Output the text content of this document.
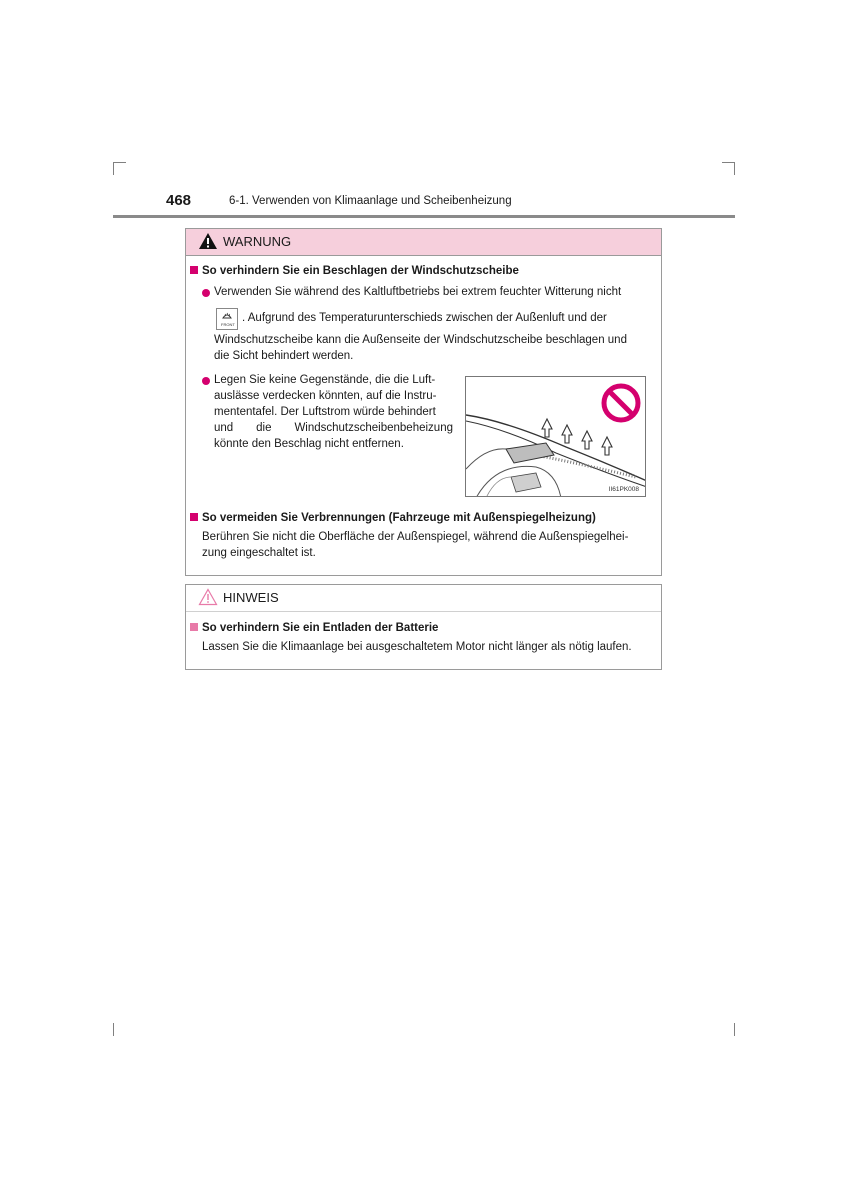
468	6-1. Verwenden von Klimaanlage und Scheibenheizung
WARNUNG
So verhindern Sie ein Beschlagen der Windschutzscheibe
Verwenden Sie während des Kaltluftbetriebs bei extrem feuchter Witterung nicht
FRONT
. Aufgrund des Temperaturunterschieds zwischen der Außenluft und der
Windschutzscheibe kann die Außenseite der Windschutzscheibe beschlagen und
die Sicht behindert werden.
Legen Sie keine Gegenstände, die die Luft-
auslässe verdecken könnten, auf die Instru-
mententafel. Der Luftstrom würde behindert
und die Windschutzscheibenbeheizung
könnte den Beschlag nicht entfernen.
II61PK008
So vermeiden Sie Verbrennungen (Fahrzeuge mit Außenspiegelheizung)
Berühren Sie nicht die Oberfläche der Außenspiegel, während die Außenspiegelhei-
zung eingeschaltet ist.
HINWEIS
So verhindern Sie ein Entladen der Batterie
Lassen Sie die Klimaanlage bei ausgeschaltetem Motor nicht länger als nötig laufen.
